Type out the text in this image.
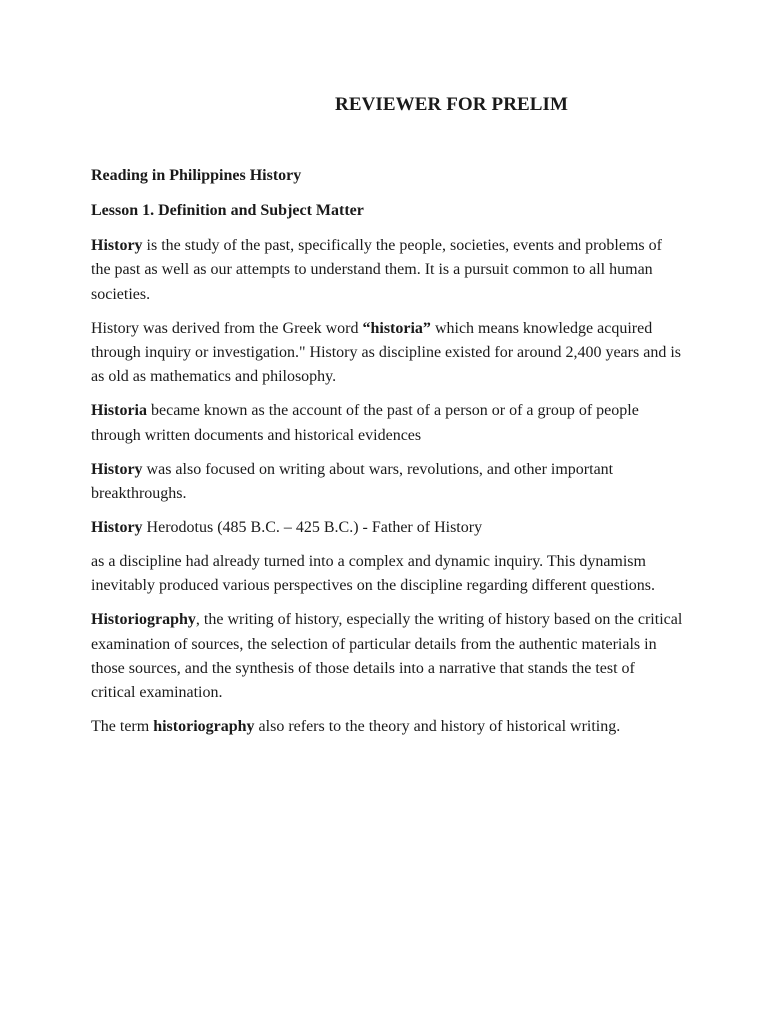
REVIEWER FOR PRELIM

Reading in Philippines History

Lesson 1. Definition and Subject Matter

History is the study of the past, specifically the people, societies, events and problems of the past as well as our attempts to understand them. It is a pursuit common to all human societies.

History was derived from the Greek word “historia” which means knowledge acquired through inquiry or investigation." History as discipline existed for around 2,400 years and is as old as mathematics and philosophy.

Historia became known as the account of the past of a person or of a group of people through written documents and historical evidences

History was also focused on writing about wars, revolutions, and other important breakthroughs.

History Herodotus (485 B.C. – 425 B.C.) - Father of History

as a discipline had already turned into a complex and dynamic inquiry. This dynamism inevitably produced various perspectives on the discipline regarding different questions.

Historiography, the writing of history, especially the writing of history based on the critical examination of sources, the selection of particular details from the authentic materials in those sources, and the synthesis of those details into a narrative that stands the test of critical examination.

The term historiography also refers to the theory and history of historical writing.
